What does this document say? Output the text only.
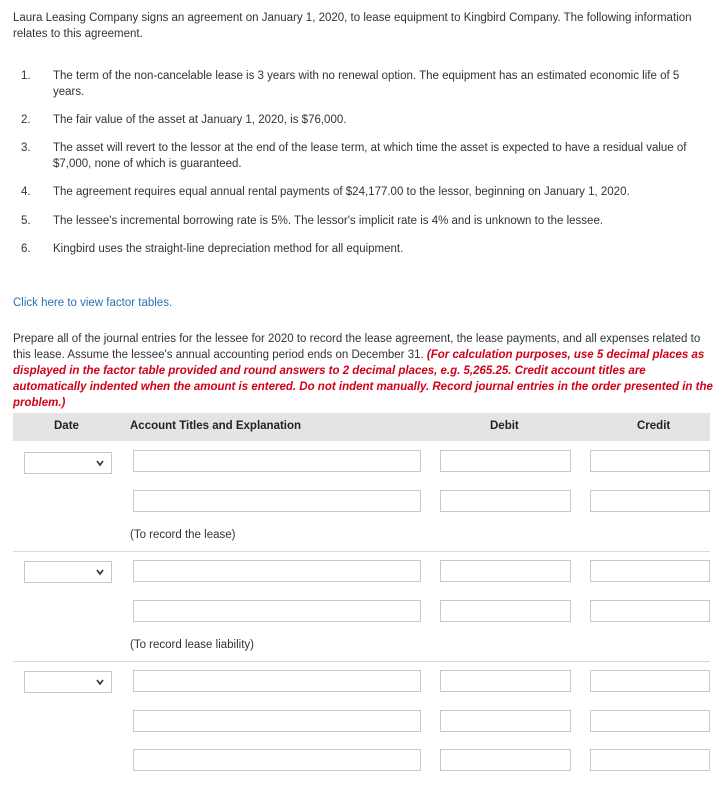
Laura Leasing Company signs an agreement on January 1, 2020, to lease equipment to Kingbird Company. The following information relates to this agreement.
1.	The term of the non-cancelable lease is 3 years with no renewal option. The equipment has an estimated economic life of 5 years.
2.	The fair value of the asset at January 1, 2020, is $76,000.
3.	The asset will revert to the lessor at the end of the lease term, at which time the asset is expected to have a residual value of $7,000, none of which is guaranteed.
4.	The agreement requires equal annual rental payments of $24,177.00 to the lessor, beginning on January 1, 2020.
5.	The lessee's incremental borrowing rate is 5%. The lessor's implicit rate is 4% and is unknown to the lessee.
6.	Kingbird uses the straight-line depreciation method for all equipment.
Click here to view factor tables.
Prepare all of the journal entries for the lessee for 2020 to record the lease agreement, the lease payments, and all expenses related to this lease. Assume the lessee's annual accounting period ends on December 31. (For calculation purposes, use 5 decimal places as displayed in the factor table provided and round answers to 2 decimal places, e.g. 5,265.25. Credit account titles are automatically indented when the amount is entered. Do not indent manually. Record journal entries in the order presented in the problem.)
Date	Account Titles and Explanation	Debit	Credit
(To record the lease)
(To record lease liability)
